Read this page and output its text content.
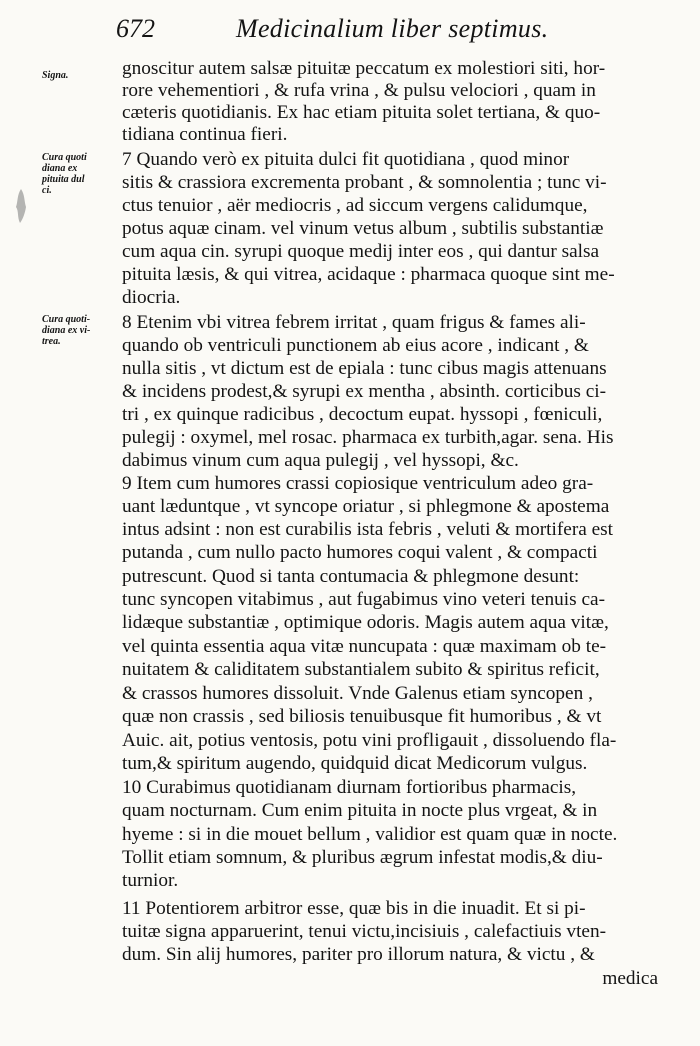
672	Medicinalium liber septimus.
Signa.
Cura quoti
diana ex
pituita dul
ci.
Cura quoti-
diana ex vi-
trea.
gnoscitur autem salsæ pituitæ peccatum ex molestiori siti, hor-
rore vehementiori , & rufa vrina , & pulsu velociori , quam in
cæteris quotidianis. Ex hac etiam pituita solet tertiana, & quo-
tidiana continua fieri.
7 Quando verò ex pituita dulci fit quotidiana , quod minor
sitis & crassiora excrementa probant , & somnolentia ; tunc vi-
ctus tenuior , aër mediocris , ad siccum vergens calidumque,
potus aquæ cinam. vel vinum vetus album , subtilis substantiæ
cum aqua cin. syrupi quoque medij inter eos , qui dantur salsa
pituita læsis, & qui vitrea, acidaque : pharmaca quoque sint me-
diocria.
8 Etenim vbi vitrea febrem irritat , quam frigus & fames ali-
quando ob ventriculi punctionem ab eius acore , indicant , &
nulla sitis , vt dictum est de epiala : tunc cibus magis attenuans
& incidens prodest,& syrupi ex mentha , absinth. corticibus ci-
tri , ex quinque radicibus , decoctum eupat. hyssopi , fœniculi,
pulegij : oxymel, mel rosac. pharmaca ex turbith,agar. sena. His
dabimus vinum cum aqua pulegij , vel hyssopi, &c.
9 Item cum humores crassi copiosique ventriculum adeo gra-
uant læduntque , vt syncope oriatur , si phlegmone & apostema
intus adsint : non est curabilis ista febris , veluti & mortifera est
putanda , cum nullo pacto humores coqui valent , & compacti
putrescunt. Quod si tanta contumacia & phlegmone desunt:
tunc syncopen vitabimus , aut fugabimus vino veteri tenuis ca-
lidæque substantiæ , optimique odoris. Magis autem aqua vitæ,
vel quinta essentia aqua vitæ nuncupata : quæ maximam ob te-
nuitatem & caliditatem substantialem subito & spiritus reficit,
& crassos humores dissoluit. Vnde Galenus etiam syncopen ,
quæ non crassis , sed biliosis tenuibusque fit humoribus , & vt
Auic. ait, potius ventosis, potu vini profligauit , dissoluendo fla-
tum,& spiritum augendo, quidquid dicat Medicorum vulgus.
10 Curabimus quotidianam diurnam fortioribus pharmacis,
quam nocturnam. Cum enim pituita in nocte plus vrgeat, & in
hyeme : si in die mouet bellum , validior est quam quæ in nocte.
Tollit etiam somnum, & pluribus ægrum infestat modis,& diu-
turnior.
11 Potentiorem arbitror esse, quæ bis in die inuadit. Et si pi-
tuitæ signa apparuerint, tenui victu,incisiuis , calefactiuis vten-
dum. Sin alij humores, pariter pro illorum natura, & victu , &
medica
